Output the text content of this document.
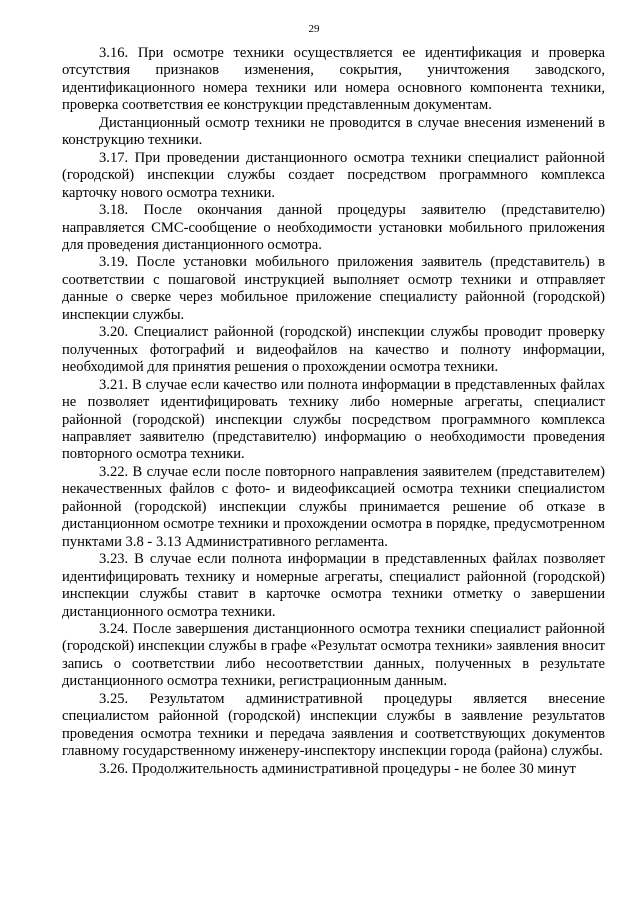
29

3.16. При осмотре техники осуществляется ее идентификация и проверка отсутствия признаков изменения, сокрытия, уничтожения заводского, идентификационного номера техники или номера основного компонента техники, проверка соответствия ее конструкции представленным документам.

Дистанционный осмотр техники не проводится в случае внесения изменений в конструкцию техники.

3.17. При проведении дистанционного осмотра техники специалист районной (городской) инспекции службы создает посредством программного комплекса карточку нового осмотра техники.

3.18. После окончания данной процедуры заявителю (представителю) направляется СМС-сообщение о необходимости установки мобильного приложения для проведения дистанционного осмотра.

3.19. После установки мобильного приложения заявитель (представитель) в соответствии с пошаговой инструкцией выполняет осмотр техники и отправляет данные о сверке через мобильное приложение специалисту районной (городской) инспекции службы.

3.20. Специалист районной (городской) инспекции службы проводит проверку полученных фотографий и видеофайлов на качество и полноту информации, необходимой для принятия решения о прохождении осмотра техники.

3.21. В случае если качество или полнота информации в представленных файлах не позволяет идентифицировать технику либо номерные агрегаты, специалист районной (городской) инспекции службы посредством программного комплекса направляет заявителю (представителю) информацию о необходимости проведения повторного осмотра техники.

3.22. В случае если после повторного направления заявителем (представителем) некачественных файлов с фото- и видеофиксацией осмотра техники специалистом районной (городской) инспекции службы принимается решение об отказе в дистанционном осмотре техники и прохождении осмотра в порядке, предусмотренном пунктами 3.8 - 3.13 Административного регламента.

3.23. В случае если полнота информации в представленных файлах позволяет идентифицировать технику и номерные агрегаты, специалист районной (городской) инспекции службы ставит в карточке осмотра техники отметку о завершении дистанционного осмотра техники.

3.24. После завершения дистанционного осмотра техники специалист районной (городской) инспекции службы в графе «Результат осмотра техники» заявления вносит запись о соответствии либо несоответствии данных, полученных в результате дистанционного осмотра техники, регистрационным данным.

3.25. Результатом административной процедуры является внесение специалистом районной (городской) инспекции службы в заявление результатов проведения осмотра техники и передача заявления и соответствующих документов главному государственному инженеру-инспектору инспекции города (района) службы.

3.26. Продолжительность административной процедуры - не более 30 минут
